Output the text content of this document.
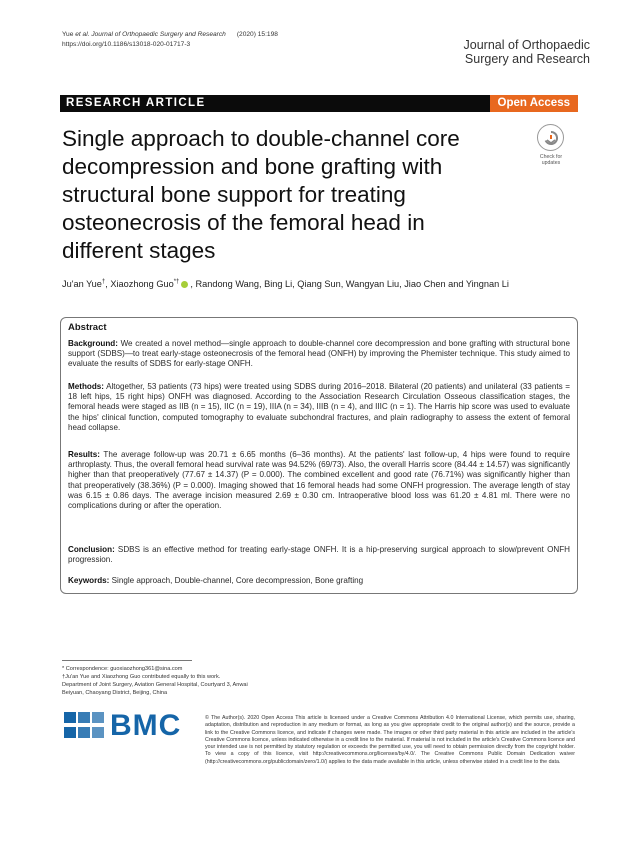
Yue et al. Journal of Orthopaedic Surgery and Research      (2020) 15:198
https://doi.org/10.1186/s13018-020-01717-3	Journal of Orthopaedic
Surgery and Research
RESEARCH ARTICLE	Open Access
Single approach to double-channel core decompression and bone grafting with structural bone support for treating osteonecrosis of the femoral head in different stages
Check for
updates
Ju'an Yue†, Xiaozhong Guo*† , Randong Wang, Bing Li, Qiang Sun, Wangyan Liu, Jiao Chen and Yingnan Li
Abstract
Background: We created a novel method—single approach to double-channel core decompression and bone grafting with structural bone support (SDBS)—to treat early-stage osteonecrosis of the femoral head (ONFH) by improving the Phemister technique. This study aimed to evaluate the results of SDBS for early-stage ONFH.
Methods: Altogether, 53 patients (73 hips) were treated using SDBS during 2016–2018. Bilateral (20 patients) and unilateral (33 patients = 18 left hips, 15 right hips) ONFH was diagnosed. According to the Association Research Circulation Osseous classification stages, the femoral heads were staged as IIB (n = 15), IIC (n = 19), IIIA (n = 34), IIIB (n = 4), and IIIC (n = 1). The Harris hip score was used to evaluate the hips' clinical function, computed tomography to evaluate subchondral fractures, and plain radiography to assess the extent of femoral head collapse.
Results: The average follow-up was 20.71 ± 6.65 months (6–36 months). At the patients' last follow-up, 4 hips were found to require arthroplasty. Thus, the overall femoral head survival rate was 94.52% (69/73). Also, the overall Harris score (84.44 ± 14.57) was significantly higher than that preoperatively (77.67 ± 14.37) (P = 0.000). The combined excellent and good rate (76.71%) was significantly higher than that preoperatively (38.36%) (P = 0.000). Imaging showed that 16 femoral heads had some ONFH progression. The average length of stay was 6.15 ± 0.86 days. The average incision measured 2.69 ± 0.30 cm. Intraoperative blood loss was 61.20 ± 4.81 ml. There were no complications during or after the operation.
Conclusion: SDBS is an effective method for treating early-stage ONFH. It is a hip-preserving surgical approach to slow/prevent ONFH progression.
Keywords: Single approach, Double-channel, Core decompression, Bone grafting
* Correspondence: guoxiaozhong361@sina.com
†Ju'an Yue and Xiaozhong Guo contributed equally to this work.
Department of Joint Surgery, Aviation General Hospital, Courtyard 3, Anwai
Beiyuan, Chaoyang District, Beijing, China
BMC	© The Author(s). 2020 Open Access This article is licensed under a Creative Commons Attribution 4.0 International License, which permits use, sharing, adaptation, distribution and reproduction in any medium or format, as long as you give appropriate credit to the original author(s) and the source, provide a link to the Creative Commons licence, and indicate if changes were made. The images or other third party material in this article are included in the article's Creative Commons licence, unless indicated otherwise in a credit line to the material. If material is not included in the article's Creative Commons licence and your intended use is not permitted by statutory regulation or exceeds the permitted use, you will need to obtain permission directly from the copyright holder. To view a copy of this licence, visit http://creativecommons.org/licenses/by/4.0/. The Creative Commons Public Domain Dedication waiver (http://creativecommons.org/publicdomain/zero/1.0/) applies to the data made available in this article, unless otherwise stated in a credit line to the data.
